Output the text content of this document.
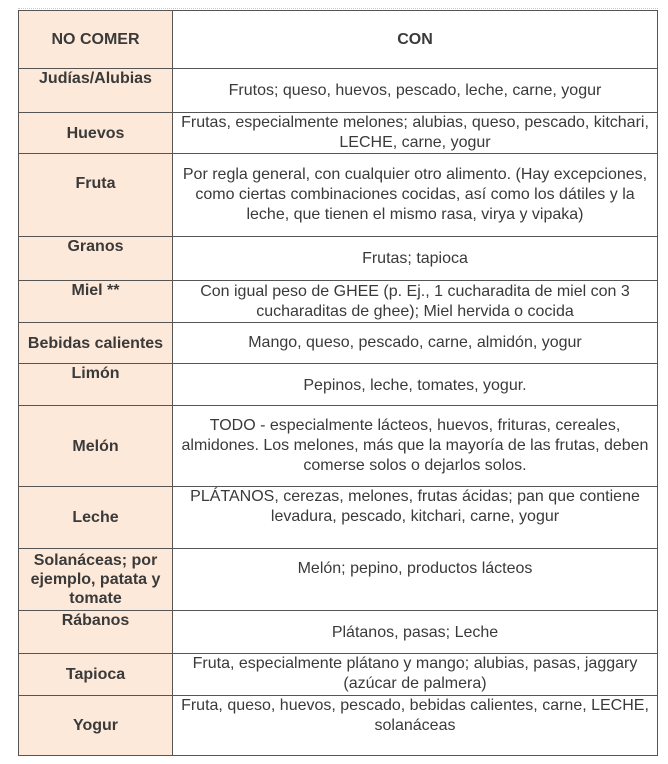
NO COMER	CON
Judías/Alubias	Frutos; queso, huevos, pescado, leche, carne, yogur
Huevos	Frutas, especialmente melones; alubias, queso, pescado, kitchari, LECHE, carne, yogur
Fruta	Por regla general, con cualquier otro alimento. (Hay excepciones, como ciertas combinaciones cocidas, así como los dátiles y la leche, que tienen el mismo rasa, virya y vipaka)
Granos	Frutas; tapioca
Miel **	Con igual peso de GHEE (p. Ej., 1 cucharadita de miel con 3 cucharaditas de ghee); Miel hervida o cocida
Bebidas calientes	Mango, queso, pescado, carne, almidón, yogur
Limón	Pepinos, leche, tomates, yogur.
Melón	TODO - especialmente lácteos, huevos, frituras, cereales, almidones. Los melones, más que la mayoría de las frutas, deben comerse solos o dejarlos solos.
Leche	PLÁTANOS, cerezas, melones, frutas ácidas; pan que contiene levadura, pescado, kitchari, carne, yogur
Solanáceas; por ejemplo, patata y tomate	Melón; pepino, productos lácteos
Rábanos	Plátanos, pasas; Leche
Tapioca	Fruta, especialmente plátano y mango; alubias, pasas, jaggary (azúcar de palmera)
Yogur	Fruta, queso, huevos, pescado, bebidas calientes, carne, LECHE, solanáceas
